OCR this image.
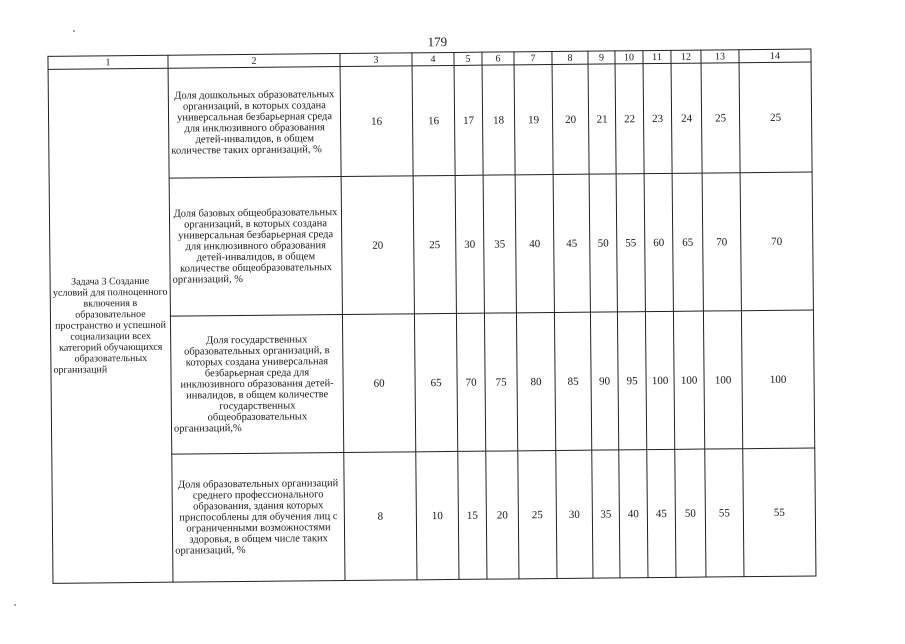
179
1	2	3	4	5	6	7	8	9	10	11	12	13	14
Задача 3 Создание условий для полноценного включения в образовательное пространство и успешной социализации всех категорий обучающихся образовательных организаций	Доля дошкольных образовательных организаций, в которых создана универсальная безбарьерная среда для инклюзивного образования детей-инвалидов, в общем количестве таких организаций, %	16	16	17	18	19	20	21	22	23	24	25	25
	Доля базовых общеобразовательных организаций, в которых создана универсальная безбарьерная среда для инклюзивного образования детей-инвалидов, в общем количестве общеобразовательных организаций, %	20	25	30	35	40	45	50	55	60	65	70	70
	Доля государственных образовательных организаций, в которых создана универсальная безбарьерная среда для инклюзивного образования детей-инвалидов, в общем количестве государственных общеобразовательных организаций,%	60	65	70	75	80	85	90	95	100	100	100	100
	Доля образовательных организаций среднего профессионального образования, здания которых приспособлены для обучения лиц с ограниченными возможностями здоровья, в общем числе таких организаций, %	8	10	15	20	25	30	35	40	45	50	55	55
